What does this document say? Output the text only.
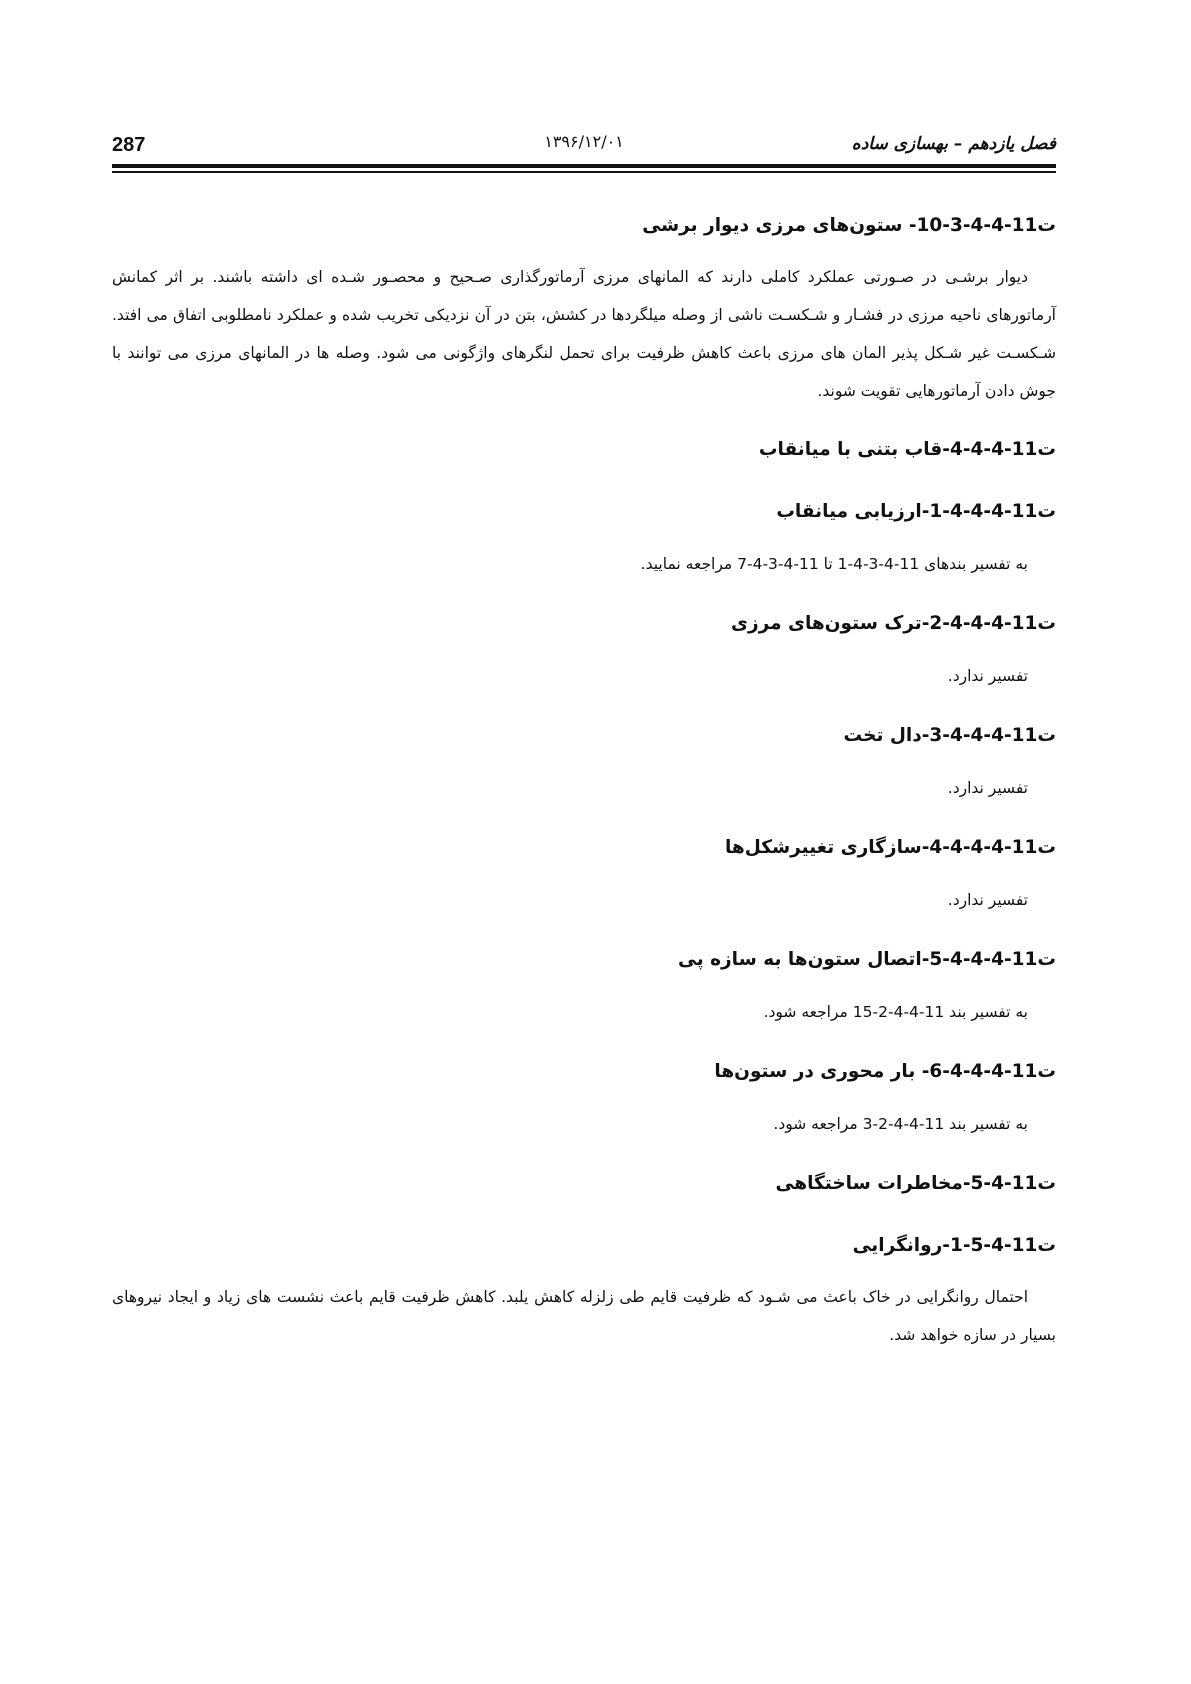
287	۱۳۹۶/۱۲/۰۱	فصل یازدهم – بهسازی ساده
ت11-4-4-3-10- ستون‌های مرزی دیوار برشی

دیوار برشـی در صـورتی عملکرد کاملی دارند که المانهای مرزی آرماتورگذاری صـحیح و محصـور شـده ای داشته باشند. بر اثر کمانش آرماتورهای ناحیه مرزی در فشـار و شـکسـت ناشی از وصله میلگردها در کشش، بتن در آن نزدیکی تخریب شده و عملکرد نامطلوبی اتفاق می افتد. شـکسـت غیر شـکل پذیر المان های مرزی باعث کاهش ظرفیت برای تحمل لنگرهای واژگونی می شود. وصله ها در المانهای مرزی می توانند با جوش دادن آرماتورهایی تقویت شوند.

ت11-4-4-4-قاب بتنی با میانقاب
ت11-4-4-4-1-ارزیابی میانقاب

به تفسیر بندهای 11-4-3-4-1 تا 11-4-3-4-7 مراجعه نمایید.

ت11-4-4-4-2-ترک ستون‌های مرزی

تفسیر ندارد.

ت11-4-4-4-3-دال تخت

تفسیر ندارد.

ت11-4-4-4-4-سازگاری تغییرشکل‌ها

تفسیر ندارد.

ت11-4-4-4-5-اتصال ستون‌ها به سازه پی

به تفسیر بند 11-4-4-2-15 مراجعه شود.

ت11-4-4-4-6- بار محوری در ستون‌ها

به تفسیر بند 11-4-4-2-3 مراجعه شود.

ت11-4-5-مخاطرات ساختگاهی
ت11-4-5-1-روانگرایی

احتمال روانگرایی در خاک باعث می شـود که ظرفیت قایم طی زلزله کاهش یلبد. کاهش ظرفیت قایم باعث نشست های زیاد و ایجاد نیروهای بسیار در سازه خواهد شد.
